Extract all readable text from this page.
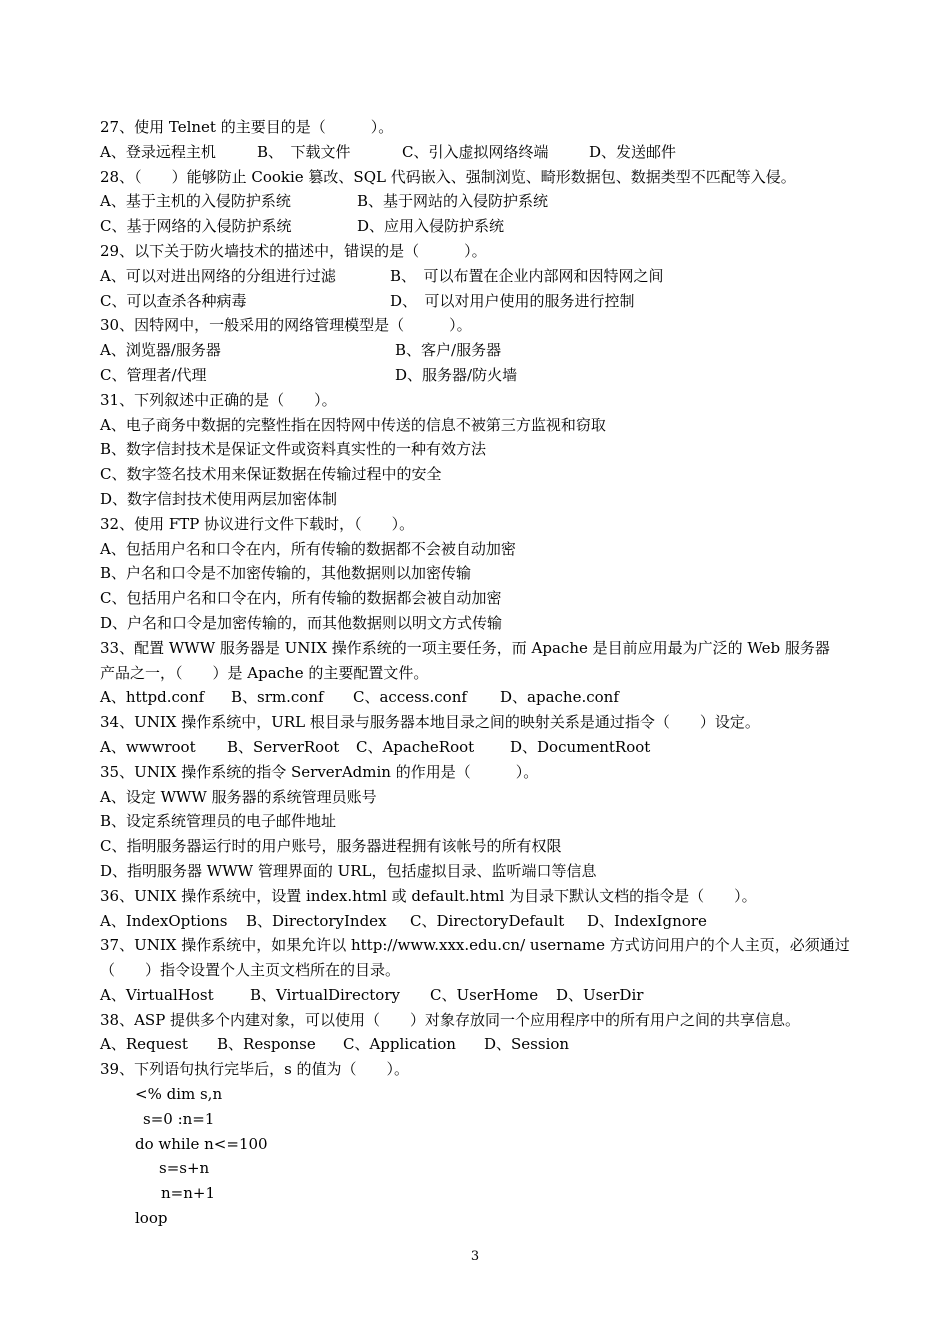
27、使用 Telnet 的主要目的是（　　　）。
A、登录远程主机	B、　下载文件	C、引入虚拟网络终端	D、发送邮件
28、（　　）能够防止 Cookie 篡改、SQL 代码嵌入、强制浏览、畸形数据包、数据类型不匹配等入侵。
A、基于主机的入侵防护系统	B、基于网站的入侵防护系统
C、基于网络的入侵防护系统	D、应用入侵防护系统
29、以下关于防火墙技术的描述中，错误的是（　　　）。
A、可以对进出网络的分组进行过滤	B、　可以布置在企业内部网和因特网之间
C、可以查杀各种病毒	D、　可以对用户使用的服务进行控制
30、因特网中，一般采用的网络管理模型是（　　　）。
A、浏览器/服务器	B、客户/服务器
C、管理者/代理	D、服务器/防火墙
31、下列叙述中正确的是（　　）。
A、电子商务中数据的完整性指在因特网中传送的信息不被第三方监视和窃取
B、数字信封技术是保证文件或资料真实性的一种有效方法
C、数字签名技术用来保证数据在传输过程中的安全
D、数字信封技术使用两层加密体制
32、使用 FTP 协议进行文件下载时，（　　）。
A、包括用户名和口令在内，所有传输的数据都不会被自动加密
B、户名和口令是不加密传输的，其他数据则以加密传输
C、包括用户名和口令在内，所有传输的数据都会被自动加密
D、户名和口令是加密传输的，而其他数据则以明文方式传输
33、配置 WWW 服务器是 UNIX 操作系统的一项主要任务，而 Apache 是目前应用最为广泛的 Web 服务器
产品之一，（　　）是 Apache 的主要配置文件。
A、httpd.conf B、srm.conf C、access.conf D、apache.conf
34、UNIX 操作系统中，URL 根目录与服务器本地目录之间的映射关系是通过指令（　　）设定。
A、wwwroot B、ServerRoot C、ApacheRoot D、DocumentRoot
35、UNIX 操作系统的指令 ServerAdmin 的作用是（　　　）。
A、设定 WWW 服务器的系统管理员账号
B、设定系统管理员的电子邮件地址
C、指明服务器运行时的用户账号，服务器进程拥有该帐号的所有权限
D、指明服务器 WWW 管理界面的 URL，包括虚拟目录、监听端口等信息
36、UNIX 操作系统中，设置 index.html 或 default.html 为目录下默认文档的指令是（　　）。
A、IndexOptions B、DirectoryIndex C、DirectoryDefault D、IndexIgnore
37、UNIX 操作系统中，如果允许以 http://www.xxx.edu.cn/ username 方式访问用户的个人主页，必须通过
（　　）指令设置个人主页文档所在的目录。
A、VirtualHost B、VirtualDirectory C、UserHome D、UserDir
38、ASP 提供多个内建对象，可以使用（　　）对象存放同一个应用程序中的所有用户之间的共享信息。
A、Request B、Response C、Application D、Session
39、下列语句执行完毕后，s 的值为（　　）。
<% dim s,n
s=0 :n=1
do while n<=100
s=s+n
n=n+1
loop
3
